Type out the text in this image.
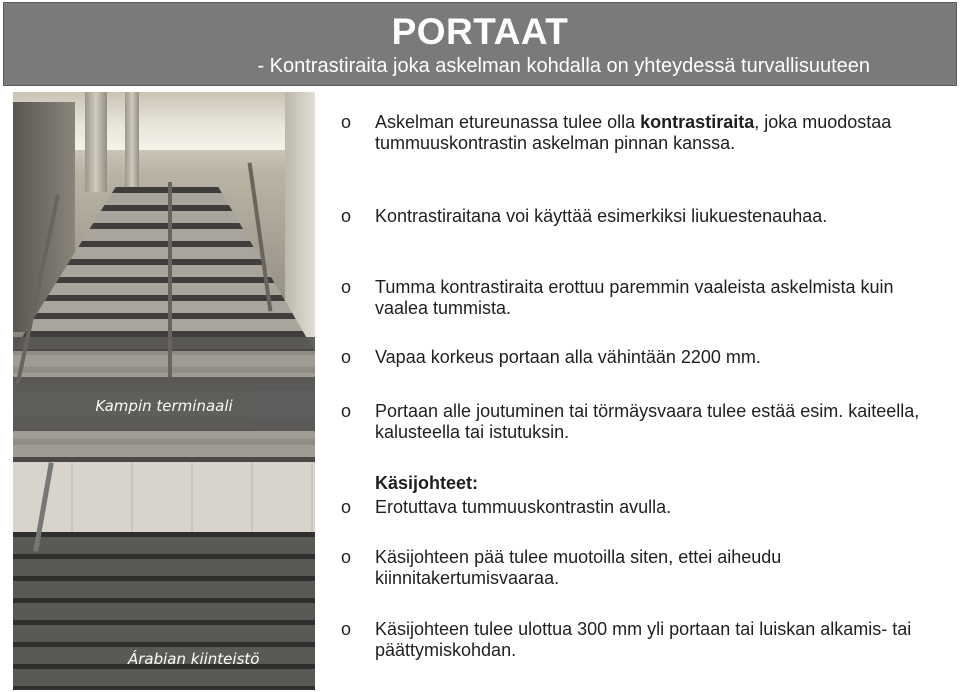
PORTAAT
- Kontrastiraita joka askelman kohdalla on yhteydessä turvallisuuteen
Kampin terminaali
Árabian kiinteistö
o Askelman etureunassa tulee olla kontrastiraita, joka muodostaa tummuuskontrastin askelman pinnan kanssa.
o Kontrastiraitana voi käyttää esimerkiksi liukuestenauhaa.
o Tumma kontrastiraita erottuu paremmin vaaleista askelmista kuin vaalea tummista.
o Vapaa korkeus portaan alla vähintään 2200 mm.
o Portaan alle joutuminen tai törmäysvaara tulee estää esim. kaiteella, kalusteella tai istutuksin.
Käsijohteet:
o Erotuttava tummuuskontrastin avulla.
o Käsijohteen pää tulee muotoilla siten, ettei aiheudu kiinnitakertumisvaaraa.
o Käsijohteen tulee ulottua 300 mm yli portaan tai luiskan alkamis- tai päättymiskohdan.
